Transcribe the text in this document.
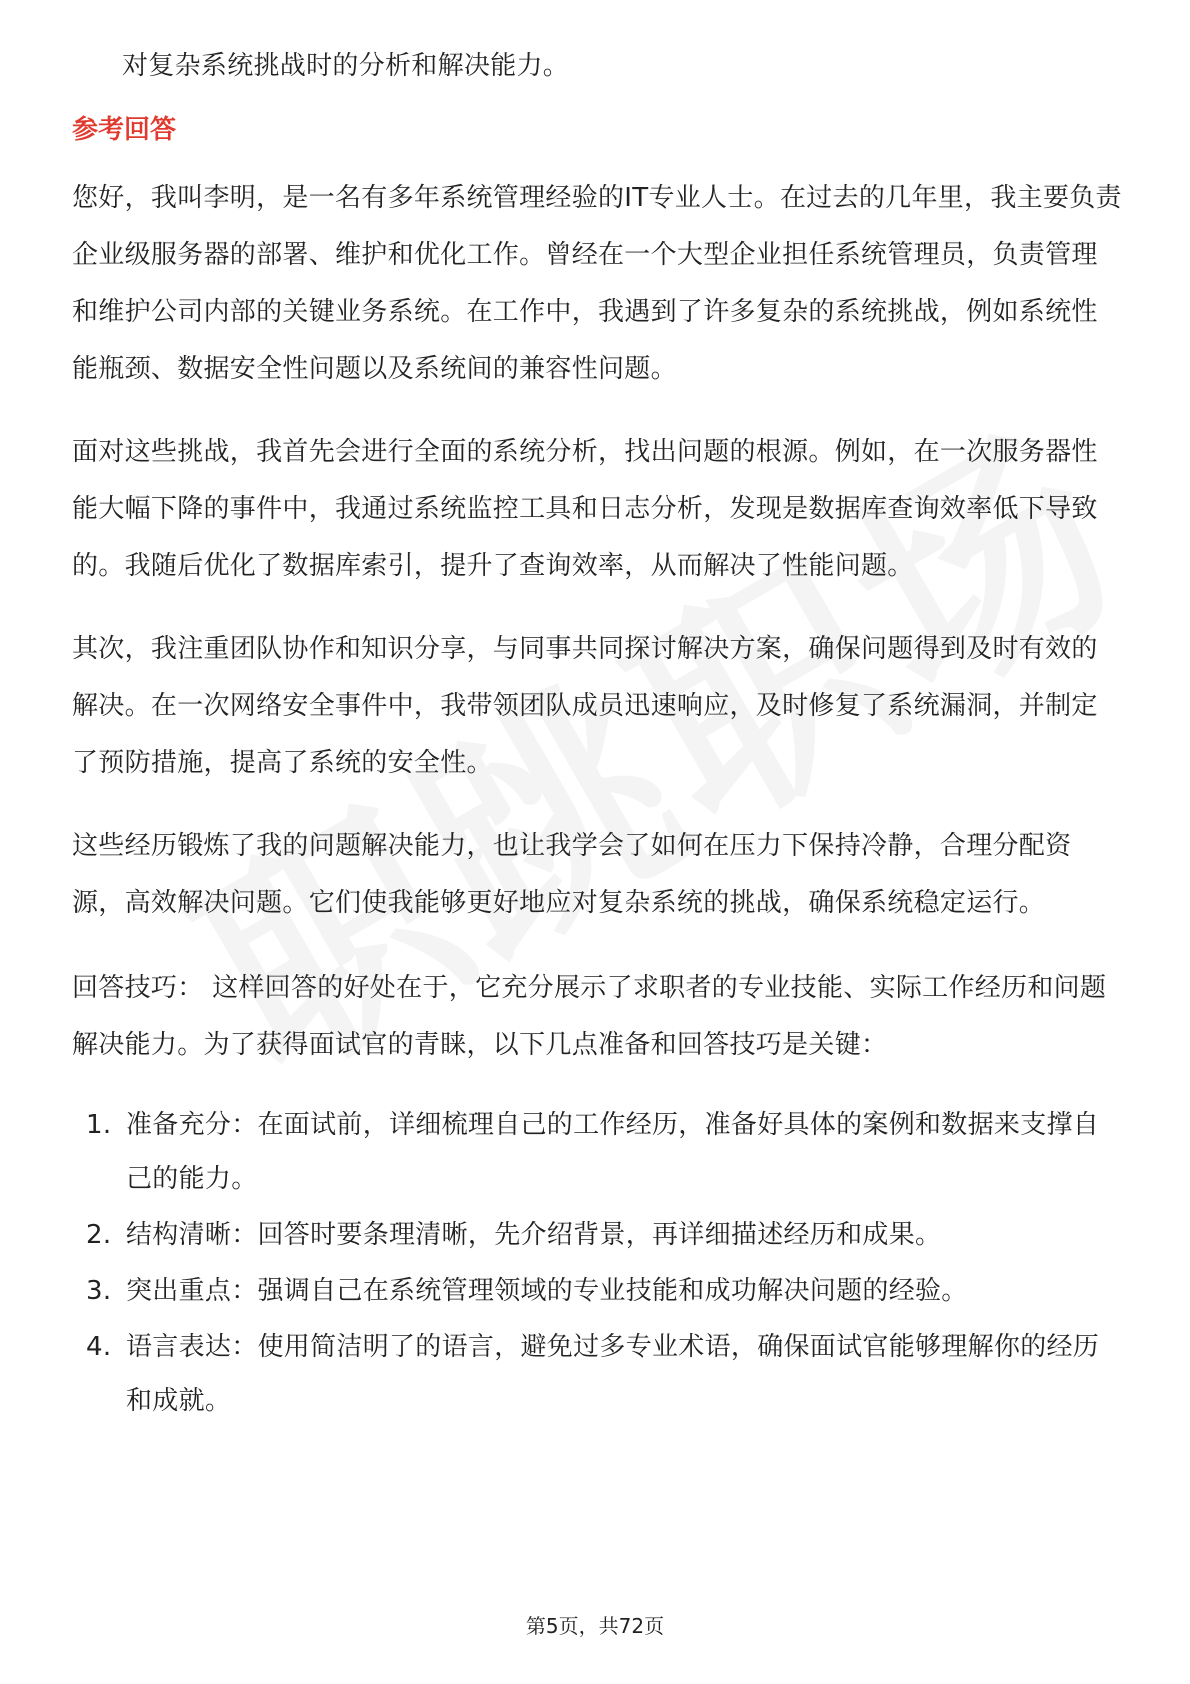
对复杂系统挑战时的分析和解决能力。

参考回答

您好，我叫李明，是一名有多年系统管理经验的IT专业人士。在过去的几年里，我主要负责企业级服务器的部署、维护和优化工作。曾经在一个大型企业担任系统管理员，负责管理和维护公司内部的关键业务系统。在工作中，我遇到了许多复杂的系统挑战，例如系统性能瓶颈、数据安全性问题以及系统间的兼容性问题。

面对这些挑战，我首先会进行全面的系统分析，找出问题的根源。例如，在一次服务器性能大幅下降的事件中，我通过系统监控工具和日志分析，发现是数据库查询效率低下导致的。我随后优化了数据库索引，提升了查询效率，从而解决了性能问题。

其次，我注重团队协作和知识分享，与同事共同探讨解决方案，确保问题得到及时有效的解决。在一次网络安全事件中，我带领团队成员迅速响应，及时修复了系统漏洞，并制定了预防措施，提高了系统的安全性。

这些经历锻炼了我的问题解决能力，也让我学会了如何在压力下保持冷静，合理分配资源，高效解决问题。它们使我能够更好地应对复杂系统的挑战，确保系统稳定运行。

回答技巧： 这样回答的好处在于，它充分展示了求职者的专业技能、实际工作经历和问题解决能力。为了获得面试官的青睐，以下几点准备和回答技巧是关键：

1. 准备充分：在面试前，详细梳理自己的工作经历，准备好具体的案例和数据来支撑自己的能力。
2. 结构清晰：回答时要条理清晰，先介绍背景，再详细描述经历和成果。
3. 突出重点：强调自己在系统管理领域的专业技能和成功解决问题的经验。
4. 语言表达：使用简洁明了的语言，避免过多专业术语，确保面试官能够理解你的经历和成就。
第5页，共72页
